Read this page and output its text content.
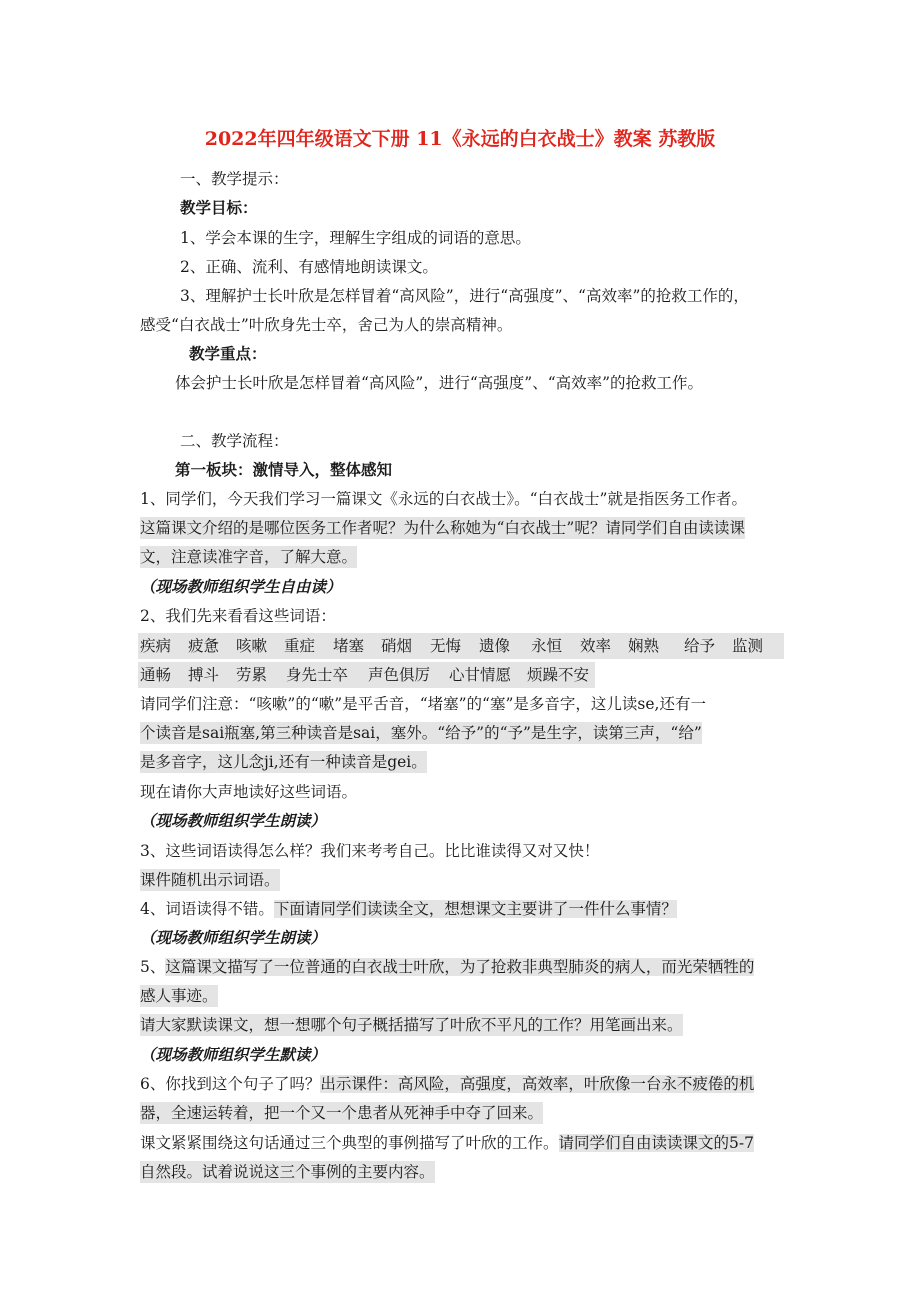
2022年四年级语文下册 11《永远的白衣战士》教案 苏教版
一、教学提示：
教学目标：
1、学会本课的生字，理解生字组成的词语的意思。
2、正确、流利、有感情地朗读课文。
3、理解护士长叶欣是怎样冒着“高风险”，进行“高强度”、“高效率”的抢救工作的，
感受“白衣战士”叶欣身先士卒，舍己为人的崇高精神。
教学重点：
体会护士长叶欣是怎样冒着“高风险”，进行“高强度”、“高效率”的抢救工作。
二、教学流程：
第一板块：激情导入，整体感知
1、同学们，今天我们学习一篇课文《永远的白衣战士》。“白衣战士”就是指医务工作者。
这篇课文介绍的是哪位医务工作者呢？为什么称她为“白衣战士”呢？请同学们自由读读课
文，注意读准字音，了解大意。
（现场教师组织学生自由读）
2、我们先来看看这些词语：
疾病 疲惫 咳嗽 重症 堵塞 硝烟 无悔 遗像 永恒 效率 娴熟 给予 监测
通畅 搏斗 劳累 身先士卒 声色俱厉 心甘情愿 烦躁不安
请同学们注意：“咳嗽”的“嗽”是平舌音，“堵塞”的“塞”是多音字，这儿读se,还有一
个读音是sai瓶塞,第三种读音是sai，塞外。“给予”的“予”是生字，读第三声，“给”
是多音字，这儿念ji,还有一种读音是gei。
现在请你大声地读好这些词语。
（现场教师组织学生朗读）
3、这些词语读得怎么样？我们来考考自己。比比谁读得又对又快！
课件随机出示词语。
4、词语读得不错。下面请同学们读读全文，想想课文主要讲了一件什么事情？
（现场教师组织学生朗读）
5、这篇课文描写了一位普通的白衣战士叶欣，为了抢救非典型肺炎的病人，而光荣牺牲的
感人事迹。
请大家默读课文，想一想哪个句子概括描写了叶欣不平凡的工作？用笔画出来。
（现场教师组织学生默读）
6、你找到这个句子了吗？出示课件：高风险，高强度，高效率，叶欣像一台永不疲倦的机
器，全速运转着，把一个又一个患者从死神手中夺了回来。
课文紧紧围绕这句话通过三个典型的事例描写了叶欣的工作。请同学们自由读读课文的5-7
自然段。试着说说这三个事例的主要内容。
